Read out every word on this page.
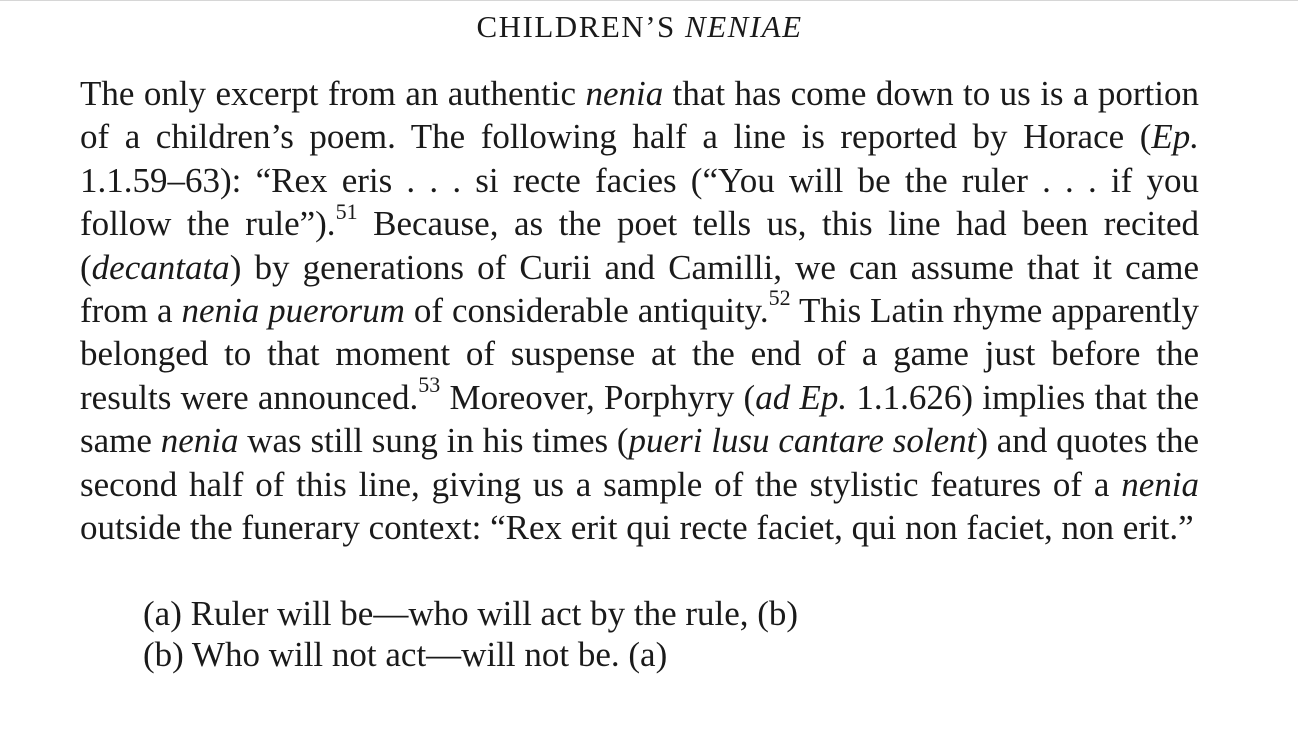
CHILDREN’S NENIAE

The only excerpt from an authentic nenia that has come down to us is a portion of a children’s poem. The following half a line is reported by Horace (Ep. 1.1.59–63): “Rex eris . . . si recte facies (“You will be the ruler . . . if you follow the rule”).$^{51}$ Because, as the poet tells us, this line had been recited (decantata) by generations of Curii and Camilli, we can assume that it came from a nenia puerorum of considerable antiquity.$^{52}$ This Latin rhyme apparently belonged to that moment of suspense at the end of a game just before the results were announced.$^{53}$ Moreover, Porphyry (ad Ep. 1.1.626) implies that the same nenia was still sung in his times (pueri lusu cantare solent) and quotes the second half of this line, giving us a sample of the stylistic features of a nenia outside the funerary context: “Rex erit qui recte faciet, qui non faciet, non erit.”

(a) Ruler will be—who will act by the rule, (b)
(b) Who will not act—will not be. (a)
